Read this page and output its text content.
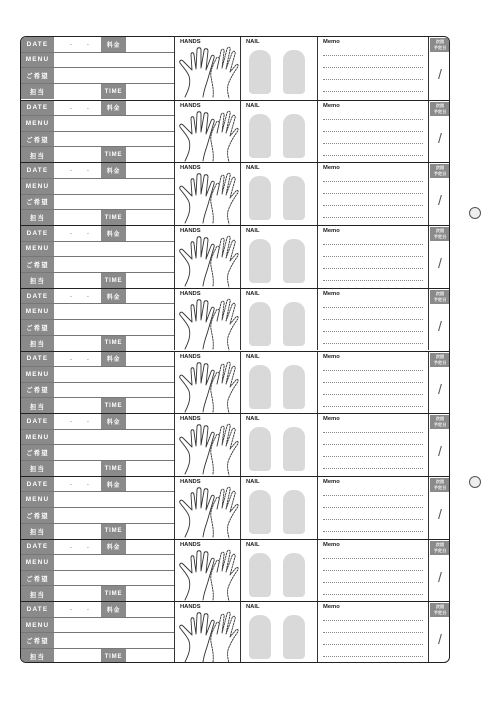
DATE	. .	料金
MENU
ご希望
担当	TIME
HANDS	NAIL	Memo	次回
予定日
/
DATE	. .	料金
MENU
ご希望
担当	TIME
HANDS	NAIL	Memo	次回
予定日
/
DATE	. .	料金
MENU
ご希望
担当	TIME
HANDS	NAIL	Memo	次回
予定日
/
DATE	. .	料金
MENU
ご希望
担当	TIME
HANDS	NAIL	Memo	次回
予定日
/
DATE	. .	料金
MENU
ご希望
担当	TIME
HANDS	NAIL	Memo	次回
予定日
/
DATE	. .	料金
MENU
ご希望
担当	TIME
HANDS	NAIL	Memo	次回
予定日
/
DATE	. .	料金
MENU
ご希望
担当	TIME
HANDS	NAIL	Memo	次回
予定日
/
DATE	. .	料金
MENU
ご希望
担当	TIME
HANDS	NAIL	Memo	次回
予定日
/
DATE	. .	料金
MENU
ご希望
担当	TIME
HANDS	NAIL	Memo	次回
予定日
/
DATE	. .	料金
MENU
ご希望
担当	TIME
HANDS	NAIL	Memo	次回
予定日
/
